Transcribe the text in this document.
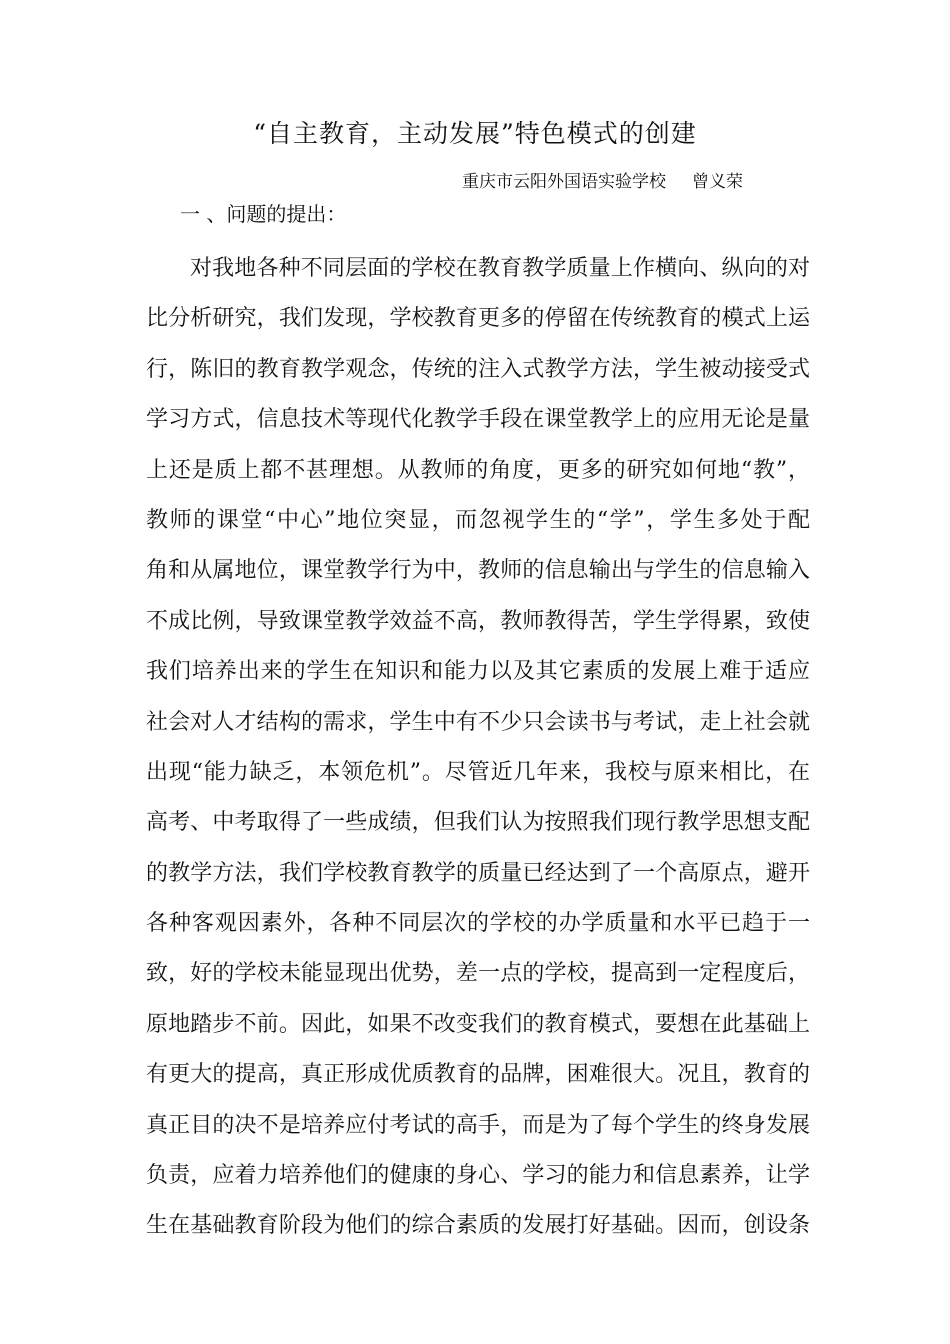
“自主教育，主动发展”特色模式的创建
重庆市云阳外国语实验学校 曾义荣
一 、问题的提出：
对我地各种不同层面的学校在教育教学质量上作横向、纵向的对
比分析研究，我们发现，学校教育更多的停留在传统教育的模式上运
行，陈旧的教育教学观念，传统的注入式教学方法，学生被动接受式
学习方式，信息技术等现代化教学手段在课堂教学上的应用无论是量
上还是质上都不甚理想。从教师的角度，更多的研究如何地“教”，
教师的课堂“中心”地位突显，而忽视学生的“学”，学生多处于配
角和从属地位，课堂教学行为中，教师的信息输出与学生的信息输入
不成比例，导致课堂教学效益不高，教师教得苦，学生学得累，致使
我们培养出来的学生在知识和能力以及其它素质的发展上难于适应
社会对人才结构的需求，学生中有不少只会读书与考试，走上社会就
出现“能力缺乏，本领危机”。尽管近几年来，我校与原来相比，在
高考、中考取得了一些成绩，但我们认为按照我们现行教学思想支配
的教学方法，我们学校教育教学的质量已经达到了一个高原点，避开
各种客观因素外，各种不同层次的学校的办学质量和水平已趋于一
致，好的学校未能显现出优势，差一点的学校，提高到一定程度后，
原地踏步不前。因此，如果不改变我们的教育模式，要想在此基础上
有更大的提高，真正形成优质教育的品牌，困难很大。况且，教育的
真正目的决不是培养应付考试的高手，而是为了每个学生的终身发展
负责，应着力培养他们的健康的身心、学习的能力和信息素养，让学
生在基础教育阶段为他们的综合素质的发展打好基础。因而，创设条
